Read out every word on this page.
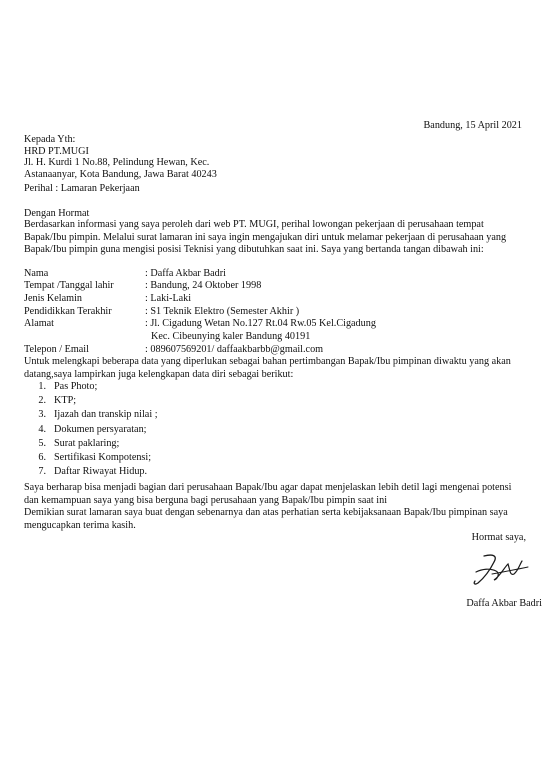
Bandung, 15 April 2021
Kepada Yth:
HRD PT.MUGI
Jl. H. Kurdi 1 No.88, Pelindung Hewan, Kec.
Astanaanyar, Kota Bandung, Jawa Barat 40243
Perihal : Lamaran Pekerjaan
Dengan Hormat
Berdasarkan informasi yang saya peroleh dari web PT. MUGI, perihal lowongan pekerjaan di perusahaan tempat Bapak/Ibu pimpin. Melalui surat lamaran ini saya ingin mengajukan diri untuk melamar pekerjaan di perusahaan yang Bapak/Ibu pimpin guna mengisi posisi Teknisi yang dibutuhkan saat ini. Saya yang bertanda tangan dibawah ini:
Nama	: Daffa Akbar Badri
Tempat /Tanggal lahir	: Bandung, 24 Oktober 1998
Jenis Kelamin	: Laki-Laki
Pendidikkan Terakhir	: S1 Teknik Elektro (Semester Akhir )
Alamat	: Jl. Cigadung Wetan No.127 Rt.04 Rw.05 Kel.Cigadung
Kec. Cibeunying kaler Bandung 40191
Telepon / Email	: 089607569201/ daffaakbarbb@gmail.com
Untuk melengkapi beberapa data yang diperlukan sebagai bahan pertimbangan Bapak/Ibu pimpinan diwaktu yang akan datang,saya lampirkan juga kelengkapan data diri sebagai berikut:
1. Pas Photo;
2. KTP;
3. Ijazah dan transkip nilai ;
4. Dokumen persyaratan;
5. Surat paklaring;
6. Sertifikasi Kompotensi;
7. Daftar Riwayat Hidup.
Saya berharap bisa menjadi bagian dari perusahaan Bapak/Ibu agar dapat menjelaskan lebih detil lagi mengenai potensi dan kemampuan saya yang bisa berguna bagi perusahaan yang Bapak/Ibu pimpin saat ini
Demikian surat lamaran saya buat dengan sebenarnya dan atas perhatian serta kebijaksanaan Bapak/Ibu pimpinan saya mengucapkan terima kasih.
Hormat saya,
Daffa Akbar Badri
